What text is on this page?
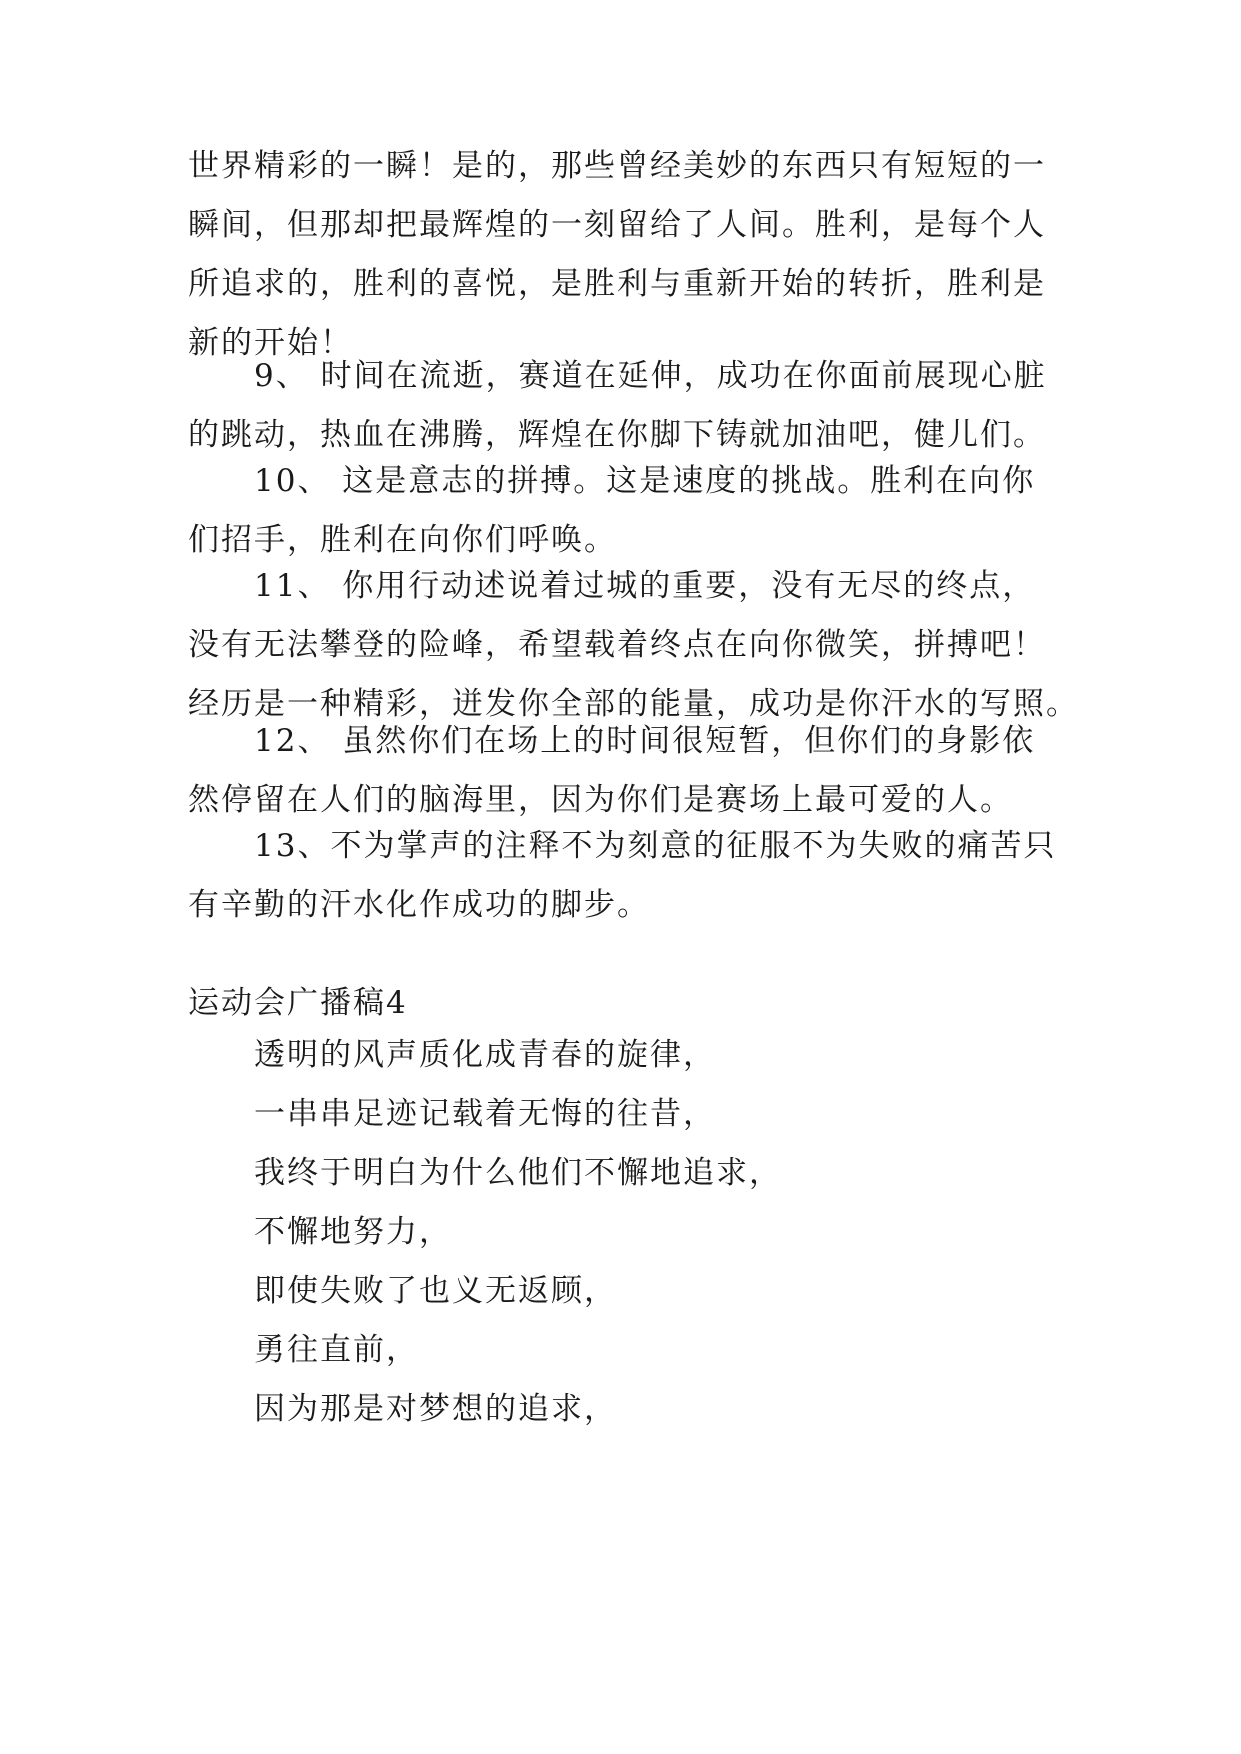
世界精彩的一瞬！是的，那些曾经美妙的东西只有短短的一
瞬间，但那却把最辉煌的一刻留给了人间。胜利，是每个人
所追求的，胜利的喜悦，是胜利与重新开始的转折，胜利是
新的开始！
9、 时间在流逝，赛道在延伸，成功在你面前展现心脏
的跳动，热血在沸腾，辉煌在你脚下铸就加油吧，健儿们。
10、 这是意志的拼搏。这是速度的挑战。胜利在向你
们招手，胜利在向你们呼唤。
11、 你用行动述说着过城的重要，没有无尽的终点，
没有无法攀登的险峰，希望载着终点在向你微笑，拼搏吧！
经历是一种精彩，迸发你全部的能量，成功是你汗水的写照。
12、 虽然你们在场上的时间很短暂，但你们的身影依
然停留在人们的脑海里，因为你们是赛场上最可爱的人。
13、不为掌声的注释不为刻意的征服不为失败的痛苦只
有辛勤的汗水化作成功的脚步。
运动会广播稿4
透明的风声质化成青春的旋律，
一串串足迹记载着无悔的往昔，
我终于明白为什么他们不懈地追求，
不懈地努力，
即使失败了也义无返顾，
勇往直前，
因为那是对梦想的追求，
